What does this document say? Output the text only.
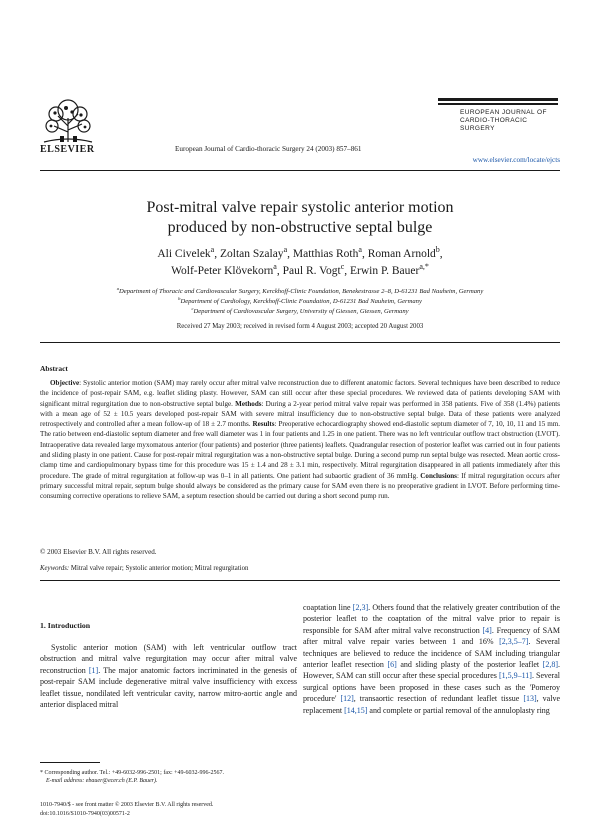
ELSEVIER	European Journal of Cardio-thoracic Surgery 24 (2003) 857–861
EUROPEAN JOURNAL OF
CARDIO-THORACIC
SURGERY
www.elsevier.com/locate/ejcts
Post-mitral valve repair systolic anterior motion
produced by non-obstructive septal bulge
Ali Civelek$^a$, Zoltan Szalay$^a$, Matthias Roth$^a$, Roman Arnold$^b$,
Wolf-Peter Klövekorn$^a$, Paul R. Vogt$^c$, Erwin P. Bauer$^{a,*}$
$^a$Department of Thoracic and Cardiovascular Surgery, Kerckhoff-Clinic Foundation, Benekestrasse 2–8, D-61231 Bad Nauheim, Germany
$^b$Department of Cardiology, Kerckhoff-Clinic Foundation, D-61231 Bad Nauheim, Germany
$^c$Department of Cardiovascular Surgery, University of Giessen, Giessen, Germany
Received 27 May 2003; received in revised form 4 August 2003; accepted 20 August 2003
Abstract
Objective: Systolic anterior motion (SAM) may rarely occur after mitral valve reconstruction due to different anatomic factors. Several techniques have been described to reduce the incidence of post-repair SAM, e.g. leaflet sliding plasty. However, SAM can still occur after these special procedures. We reviewed data of patients developing SAM with significant mitral regurgitation due to non-obstructive septal bulge. Methods: During a 2-year period mitral valve repair was performed in 358 patients. Five of 358 (1.4%) patients with a mean age of 52 ± 10.5 years developed post-repair SAM with severe mitral insufficiency due to non-obstructive septal bulge. Data of these patients were analyzed retrospectively and controlled after a mean follow-up of 18 ± 2.7 months. Results: Preoperative echocardiography showed end-diastolic septum diameter of 7, 10, 10, 11 and 15 mm. The ratio between end-diastolic septum diameter and free wall diameter was 1 in four patients and 1.25 in one patient. There was no left ventricular outflow tract obstruction (LVOT). Intraoperative data revealed large myxomatous anterior (four patients) and posterior (three patients) leaflets. Quadrangular resection of posterior leaflet was carried out in four patients and sliding plasty in one patient. Cause for post-repair mitral regurgitation was a non-obstructive septal bulge. During a second pump run septal bulge was resected. Mean aortic cross-clamp time and cardiopulmonary bypass time for this procedure was 15 ± 1.4 and 28 ± 3.1 min, respectively. Mitral regurgitation disappeared in all patients immediately after this procedure. The grade of mitral regurgitation at follow-up was 0–1 in all patients. One patient had subaortic gradient of 36 mmHg. Conclusions: If mitral regurgitation occurs after primary successful mitral repair, septum bulge should always be considered as the primary cause for SAM even there is no preoperative gradient in LVOT. Before performing time-consuming corrective operations to relieve SAM, a septum resection should be carried out during a short second pump run.
© 2003 Elsevier B.V. All rights reserved.
Keywords: Mitral valve repair; Systolic anterior motion; Mitral regurgitation
1. Introduction
Systolic anterior motion (SAM) with left ventricular outflow tract obstruction and mitral valve regurgitation may occur after mitral valve reconstruction [1]. The major anatomic factors incriminated in the genesis of post-repair SAM include degenerative mitral valve insufficiency with excess leaflet tissue, nondilated left ventricular cavity, narrow mitro-aortic angle and anterior displaced mitral
coaptation line [2,3]. Others found that the relatively greater contribution of the posterior leaflet to the coaptation of the mitral valve prior to repair is responsible for SAM after mitral valve reconstruction [4]. Frequency of SAM after mitral valve repair varies between 1 and 16% [2,3,5–7]. Several techniques are believed to reduce the incidence of SAM including triangular anterior leaflet resection [6] and sliding plasty of the posterior leaflet [2,8]. However, SAM can still occur after these special procedures [1,5,9–11]. Several surgical options have been proposed in these cases such as the 'Pomeroy procedure' [12], transaortic resection of redundant leaflet tissue [13], valve replacement [14,15] and complete or partial removal of the annuloplasty ring
* Corresponding author. Tel.: +49-6032-996-2501; fax: +49-6032-996-2567.
E-mail address: ebauer@ecer.ch (E.P. Bauer).
1010-7940/$ - see front matter © 2003 Elsevier B.V. All rights reserved.
doi:10.1016/S1010-7940(03)00571-2
